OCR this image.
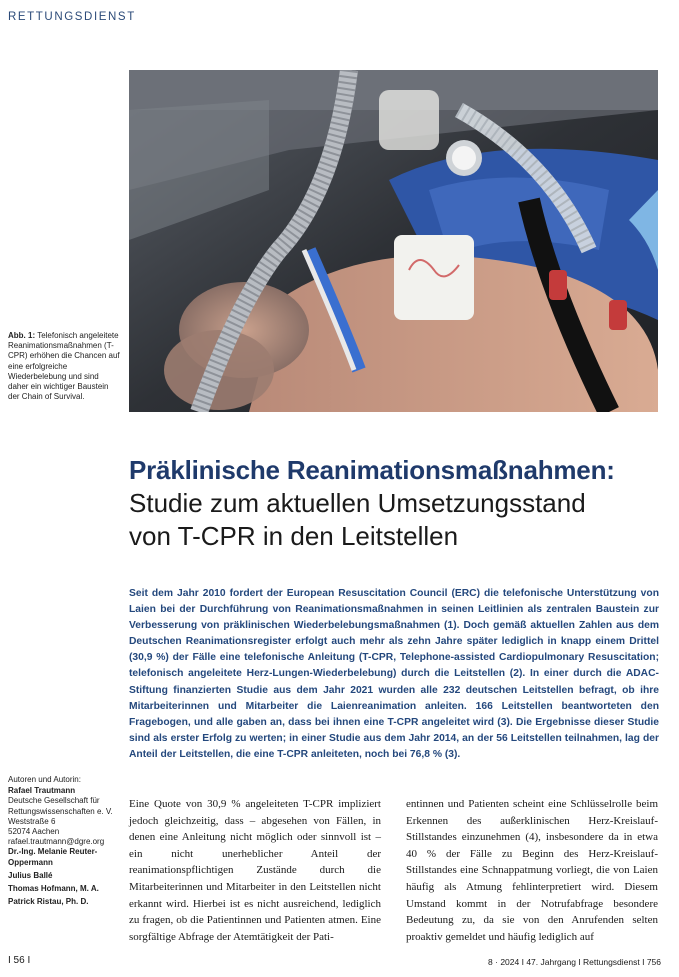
RETTUNGSDIENST
Abb. 1: Telefonisch angeleitete Reanimationsmaßnahmen (T-CPR) erhöhen die Chancen auf eine erfolgreiche Wiederbelebung und sind daher ein wichtiger Baustein der Chain of Survival.

Präklinische Reanimationsmaßnahmen:

Studie zum aktuellen Umsetzungsstand

von T-CPR in den Leitstellen

Seit dem Jahr 2010 fordert der European Resuscitation Council (ERC) die telefonische Unterstützung von Laien bei der Durchführung von Reanimationsmaßnahmen in seinen Leitlinien als zentralen Baustein zur Verbesserung von präklinischen Wiederbelebungsmaßnahmen (1). Doch gemäß aktuellen Zahlen aus dem Deutschen Reanimationsregister erfolgt auch mehr als zehn Jahre später lediglich in knapp einem Drittel (30,9 %) der Fälle eine telefonische Anleitung (T-CPR, Telephone-assisted Cardiopulmonary Resuscitation; telefonisch angeleitete Herz-Lungen-Wiederbelebung) durch die Leitstellen (2). In einer durch die ADAC-Stiftung finanzierten Studie aus dem Jahr 2021 wurden alle 232 deutschen Leitstellen befragt, ob ihre Mitarbeiterinnen und Mitarbeiter die Laienreanimation anleiten. 166 Leitstellen beantworteten den Fragebogen, und alle gaben an, dass bei ihnen eine T-CPR angeleitet wird (3). Die Ergebnisse dieser Studie sind als erster Erfolg zu werten; in einer Studie aus dem Jahr 2014, an der 56 Leitstellen teilnahmen, lag der Anteil der Leitstellen, die eine T-CPR anleiteten, noch bei 76,8 % (3).

Autoren und Autorin:
Rafael Trautmann
Deutsche Gesellschaft für Rettungswissenschaften e. V.
Weststraße 6
52074 Aachen
rafael.trautmann@dgre.org
Dr.-Ing. Melanie Reuter-Oppermann
Julius Ballé
Thomas Hofmann, M. A.
Patrick Ristau, Ph. D.

Eine Quote von 30,9 % angeleiteten T-CPR impliziert jedoch gleichzeitig, dass – abgesehen von Fällen, in denen eine Anleitung nicht möglich oder sinnvoll ist – ein nicht unerheblicher Anteil der reanimationspflichtigen Zustände durch die Mitarbeiterinnen und Mitarbeiter in den Leitstellen nicht erkannt wird. Hierbei ist es nicht ausreichend, lediglich zu fragen, ob die Patientinnen und Patienten atmen. Eine sorgfältige Abfrage der Atemtätigkeit der Pati-

entinnen und Patienten scheint eine Schlüsselrolle beim Erkennen des außerklinischen Herz-Kreislauf-Stillstandes einzunehmen (4), insbesondere da in etwa 40 % der Fälle zu Beginn des Herz-Kreislauf-Stillstandes eine Schnappatmung vorliegt, die von Laien häufig als Atmung fehlinterpretiert wird. Diesem Umstand kommt in der Notrufabfrage besondere Bedeutung zu, da sie von den Anrufenden selten proaktiv gemeldet und häufig lediglich auf

I 56 I	8 · 2024 I 47. Jahrgang I Rettungsdienst I 756
